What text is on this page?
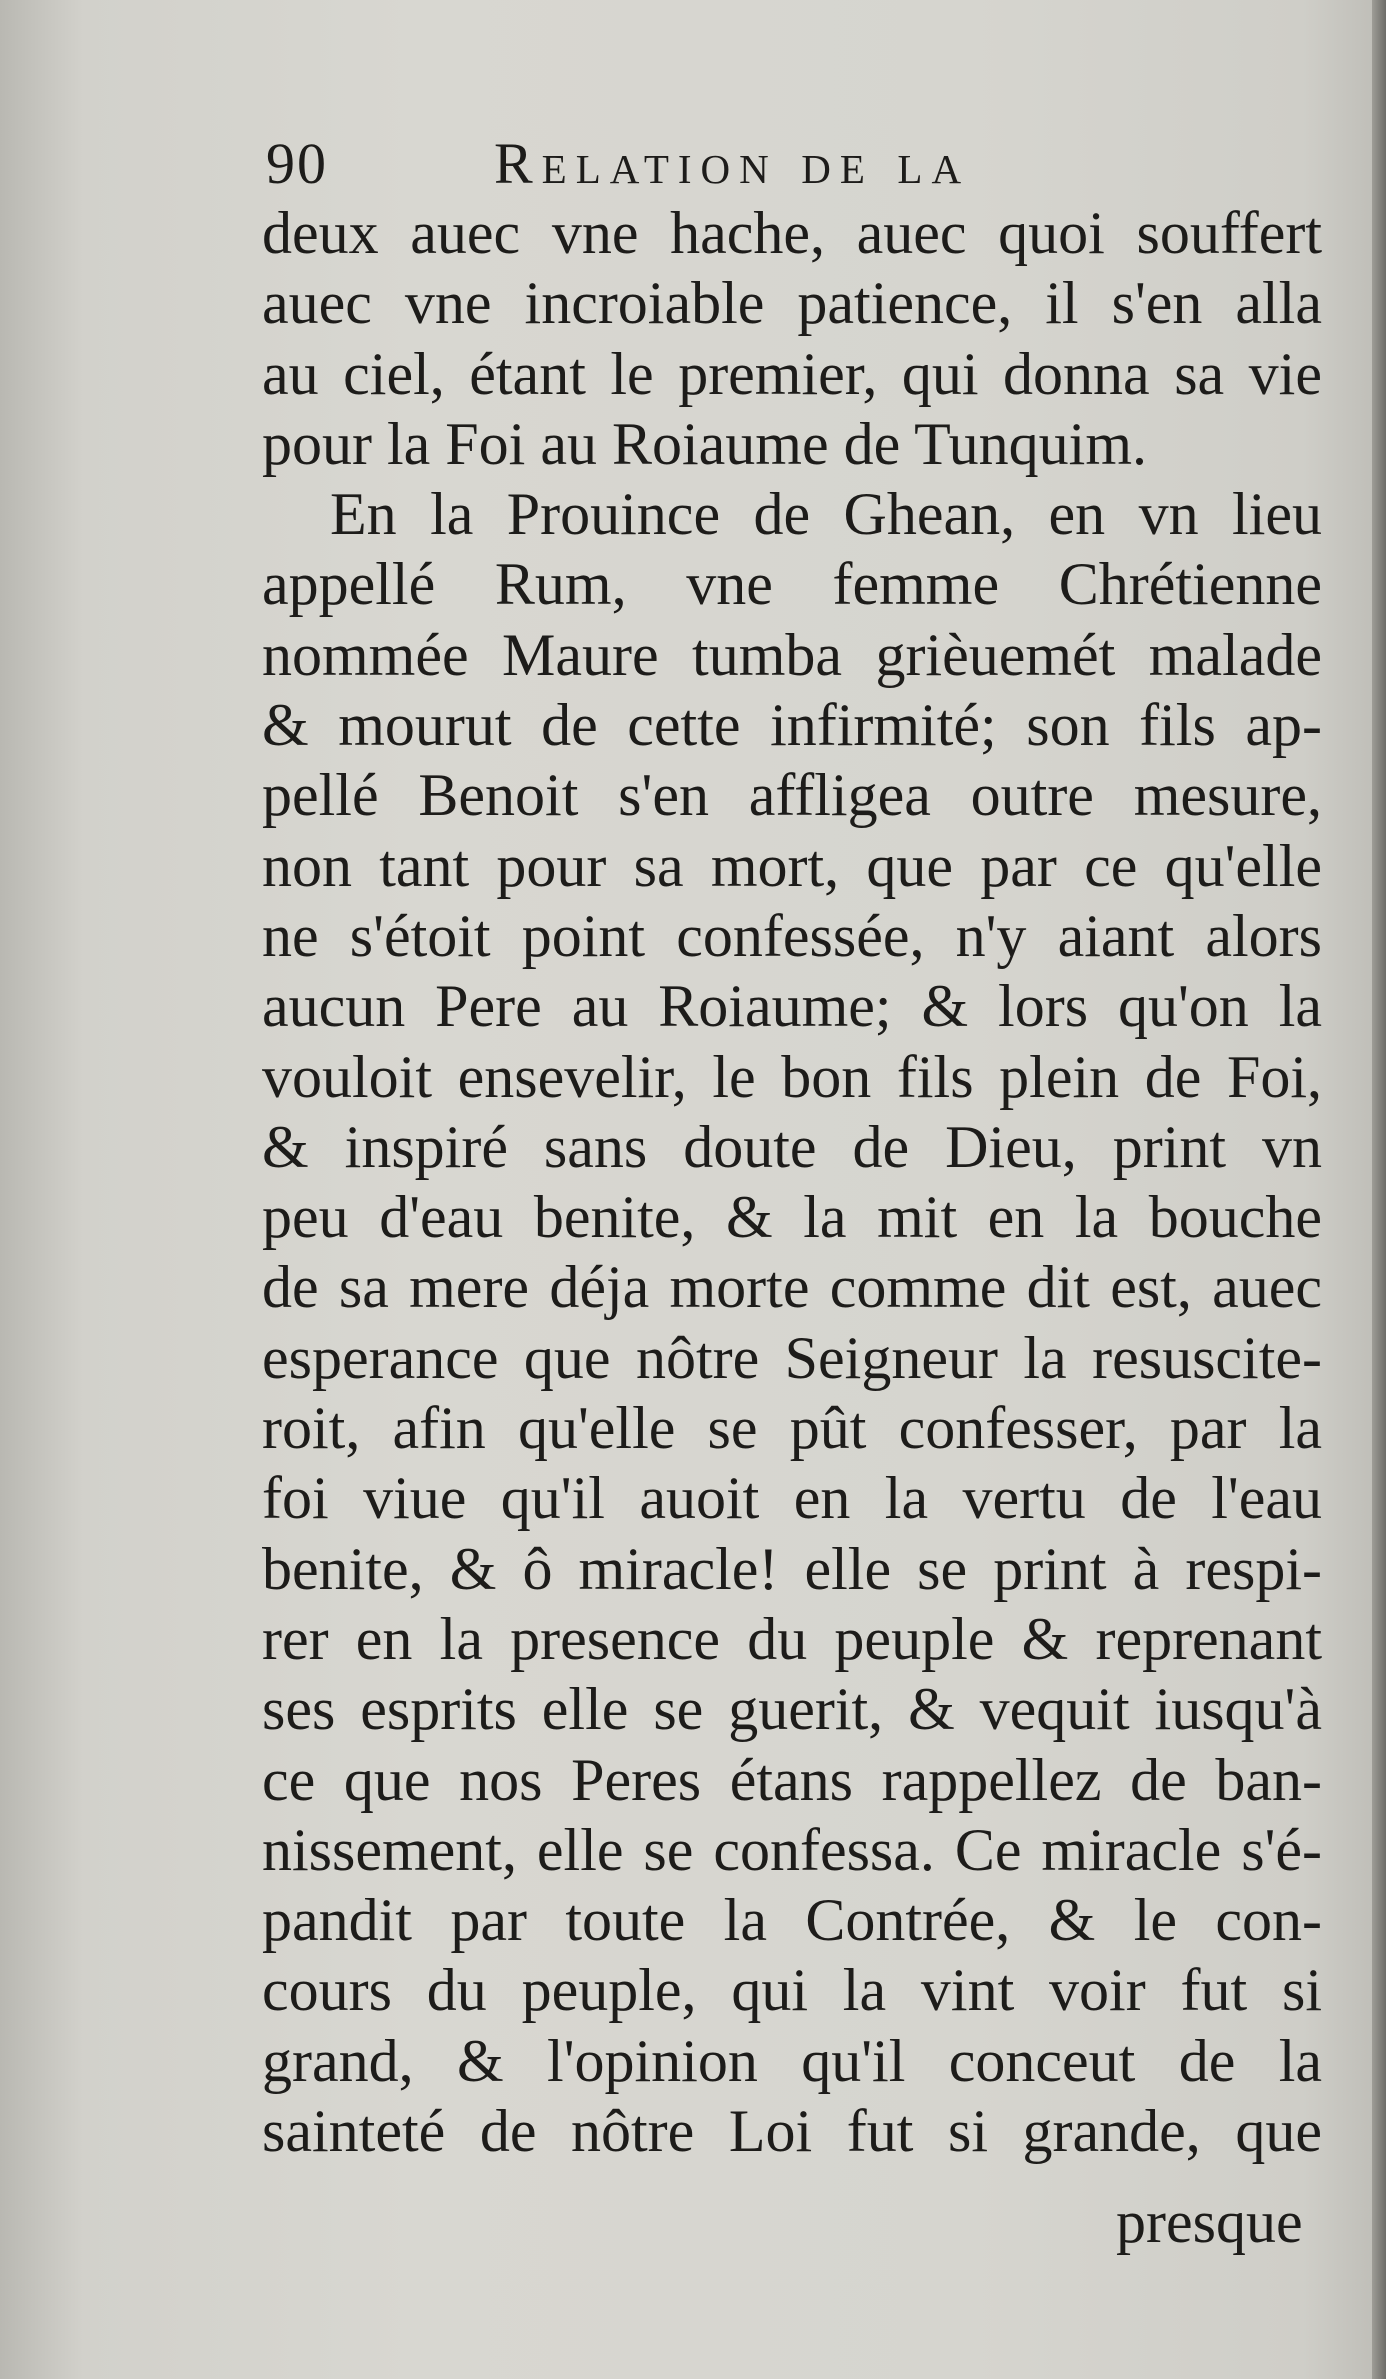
90	Relation de la
deux auec vne hache, auec quoi souffert
auec vne incroiable patience, il s'en alla
au ciel, étant le premier, qui donna sa vie
pour la Foi au Roiaume de Tunquim.
En la Prouince de Ghean, en vn lieu
appellé Rum, vne femme Chrétienne
nommée Maure tumba grièuemét malade
& mourut de cette infirmité; son fils ap-
pellé Benoit s'en affligea outre mesure,
non tant pour sa mort, que par ce qu'elle
ne s'étoit point confessée, n'y aiant alors
aucun Pere au Roiaume; & lors qu'on la
vouloit ensevelir, le bon fils plein de Foi,
& inspiré sans doute de Dieu, print vn
peu d'eau benite, & la mit en la bouche
de sa mere déja morte comme dit est, auec
esperance que nôtre Seigneur la resuscite-
roit, afin qu'elle se pût confesser, par la
foi viue qu'il auoit en la vertu de l'eau
benite, & ô miracle! elle se print à respi-
rer en la presence du peuple & reprenant
ses esprits elle se guerit, & vequit iusqu'à
ce que nos Peres étans rappellez de ban-
nissement, elle se confessa. Ce miracle s'é-
pandit par toute la Contrée, & le con-
cours du peuple, qui la vint voir fut si
grand, & l'opinion qu'il conceut de la
sainteté de nôtre Loi fut si grande, que
presque
